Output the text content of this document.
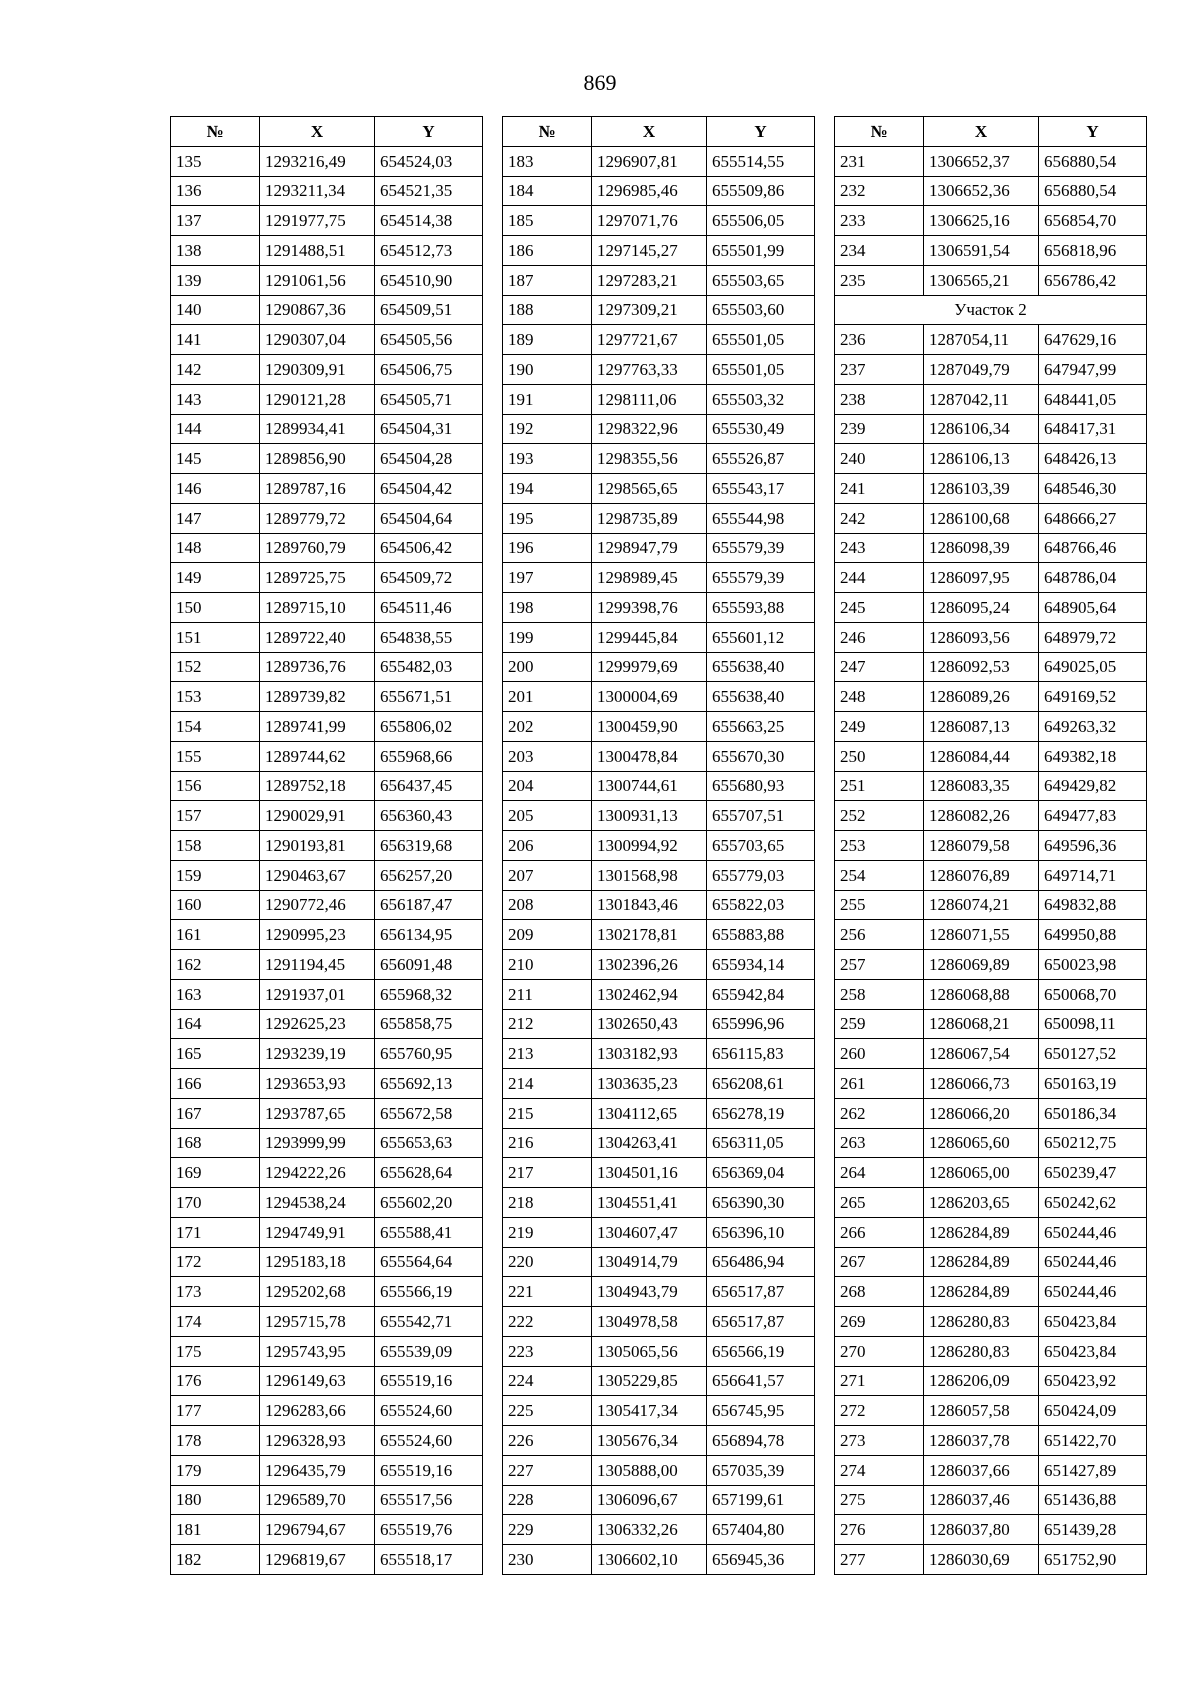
869
№	X	Y
135	1293216,49	654524,03
136	1293211,34	654521,35
137	1291977,75	654514,38
138	1291488,51	654512,73
139	1291061,56	654510,90
140	1290867,36	654509,51
141	1290307,04	654505,56
142	1290309,91	654506,75
143	1290121,28	654505,71
144	1289934,41	654504,31
145	1289856,90	654504,28
146	1289787,16	654504,42
147	1289779,72	654504,64
148	1289760,79	654506,42
149	1289725,75	654509,72
150	1289715,10	654511,46
151	1289722,40	654838,55
152	1289736,76	655482,03
153	1289739,82	655671,51
154	1289741,99	655806,02
155	1289744,62	655968,66
156	1289752,18	656437,45
157	1290029,91	656360,43
158	1290193,81	656319,68
159	1290463,67	656257,20
160	1290772,46	656187,47
161	1290995,23	656134,95
162	1291194,45	656091,48
163	1291937,01	655968,32
164	1292625,23	655858,75
165	1293239,19	655760,95
166	1293653,93	655692,13
167	1293787,65	655672,58
168	1293999,99	655653,63
169	1294222,26	655628,64
170	1294538,24	655602,20
171	1294749,91	655588,41
172	1295183,18	655564,64
173	1295202,68	655566,19
174	1295715,78	655542,71
175	1295743,95	655539,09
176	1296149,63	655519,16
177	1296283,66	655524,60
178	1296328,93	655524,60
179	1296435,79	655519,16
180	1296589,70	655517,56
181	1296794,67	655519,76
182	1296819,67	655518,17
№	X	Y
183	1296907,81	655514,55
184	1296985,46	655509,86
185	1297071,76	655506,05
186	1297145,27	655501,99
187	1297283,21	655503,65
188	1297309,21	655503,60
189	1297721,67	655501,05
190	1297763,33	655501,05
191	1298111,06	655503,32
192	1298322,96	655530,49
193	1298355,56	655526,87
194	1298565,65	655543,17
195	1298735,89	655544,98
196	1298947,79	655579,39
197	1298989,45	655579,39
198	1299398,76	655593,88
199	1299445,84	655601,12
200	1299979,69	655638,40
201	1300004,69	655638,40
202	1300459,90	655663,25
203	1300478,84	655670,30
204	1300744,61	655680,93
205	1300931,13	655707,51
206	1300994,92	655703,65
207	1301568,98	655779,03
208	1301843,46	655822,03
209	1302178,81	655883,88
210	1302396,26	655934,14
211	1302462,94	655942,84
212	1302650,43	655996,96
213	1303182,93	656115,83
214	1303635,23	656208,61
215	1304112,65	656278,19
216	1304263,41	656311,05
217	1304501,16	656369,04
218	1304551,41	656390,30
219	1304607,47	656396,10
220	1304914,79	656486,94
221	1304943,79	656517,87
222	1304978,58	656517,87
223	1305065,56	656566,19
224	1305229,85	656641,57
225	1305417,34	656745,95
226	1305676,34	656894,78
227	1305888,00	657035,39
228	1306096,67	657199,61
229	1306332,26	657404,80
230	1306602,10	656945,36
№	X	Y
231	1306652,37	656880,54
232	1306652,36	656880,54
233	1306625,16	656854,70
234	1306591,54	656818,96
235	1306565,21	656786,42
Участок 2		
236	1287054,11	647629,16
237	1287049,79	647947,99
238	1287042,11	648441,05
239	1286106,34	648417,31
240	1286106,13	648426,13
241	1286103,39	648546,30
242	1286100,68	648666,27
243	1286098,39	648766,46
244	1286097,95	648786,04
245	1286095,24	648905,64
246	1286093,56	648979,72
247	1286092,53	649025,05
248	1286089,26	649169,52
249	1286087,13	649263,32
250	1286084,44	649382,18
251	1286083,35	649429,82
252	1286082,26	649477,83
253	1286079,58	649596,36
254	1286076,89	649714,71
255	1286074,21	649832,88
256	1286071,55	649950,88
257	1286069,89	650023,98
258	1286068,88	650068,70
259	1286068,21	650098,11
260	1286067,54	650127,52
261	1286066,73	650163,19
262	1286066,20	650186,34
263	1286065,60	650212,75
264	1286065,00	650239,47
265	1286203,65	650242,62
266	1286284,89	650244,46
267	1286284,89	650244,46
268	1286284,89	650244,46
269	1286280,83	650423,84
270	1286280,83	650423,84
271	1286206,09	650423,92
272	1286057,58	650424,09
273	1286037,78	651422,70
274	1286037,66	651427,89
275	1286037,46	651436,88
276	1286037,80	651439,28
277	1286030,69	651752,90
